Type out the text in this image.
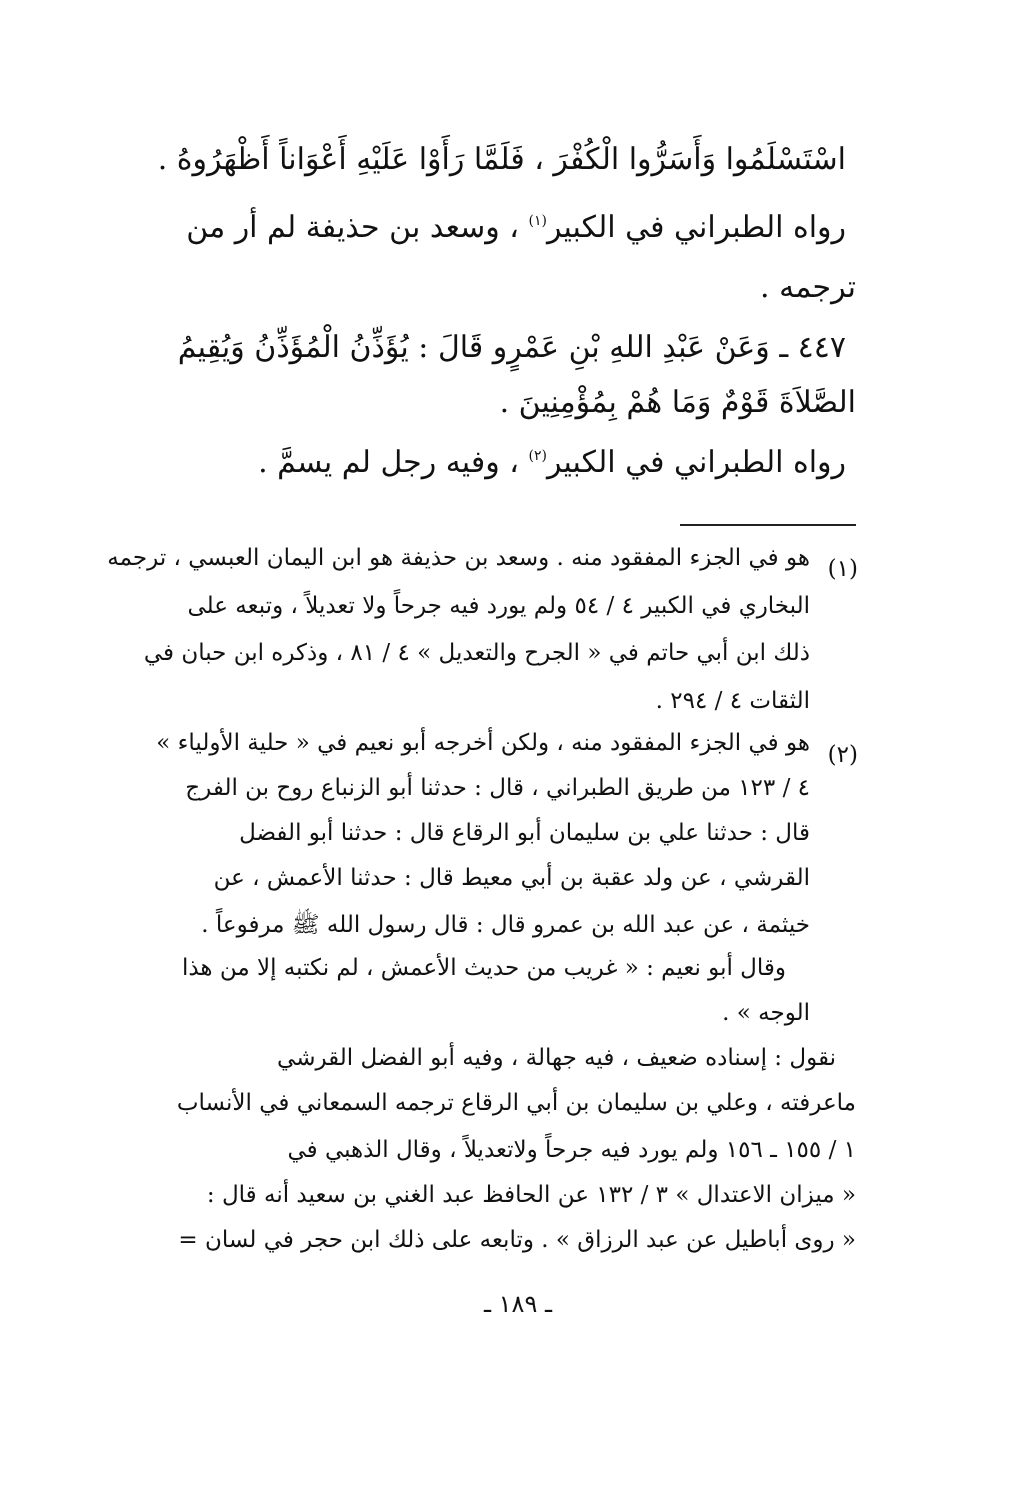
اسْتَسْلَمُوا وَأَسَرُّوا الْكُفْرَ ، فَلَمَّا رَأَوْا عَلَيْهِ أَعْوَاناً أَظْهَرُوهُ .
رواه الطبراني في الكبير$^{(١)}$ ، وسعد بن حذيفة لم أر من
ترجمه .
٤٤٧ ـ وَعَنْ عَبْدِ اللهِ بْنِ عَمْرٍو قَالَ : يُؤَذِّنُ الْمُؤَذِّنُ وَيُقِيمُ
الصَّلاَةَ قَوْمٌ وَمَا هُمْ بِمُؤْمِنِينَ .
رواه الطبراني في الكبير$^{(٢)}$ ، وفيه رجل لم يسمَّ .
(١)
هو في الجزء المفقود منه . وسعد بن حذيفة هو ابن اليمان العبسي ، ترجمه
البخاري في الكبير ٤ / ٥٤ ولم يورد فيه جرحاً ولا تعديلاً ، وتبعه على
ذلك ابن أبي حاتم في « الجرح والتعديل » ٤ / ٨١ ، وذكره ابن حبان في
الثقات ٤ / ٢٩٤ .
(٢)
هو في الجزء المفقود منه ، ولكن أخرجه أبو نعيم في « حلية الأولياء »
٤ / ١٢٣ من طريق الطبراني ، قال : حدثنا أبو الزنباع روح بن الفرج
قال : حدثنا علي بن سليمان أبو الرقاع قال : حدثنا أبو الفضل
القرشي ، عن ولد عقبة بن أبي معيط قال : حدثنا الأعمش ، عن
خيثمة ، عن عبد الله بن عمرو قال : قال رسول الله ﷺ مرفوعاً .
وقال أبو نعيم : « غريب من حديث الأعمش ، لم نكتبه إلا من هذا
الوجه » .
نقول : إسناده ضعيف ، فيه جهالة ، وفيه أبو الفضل القرشي
ماعرفته ، وعلي بن سليمان بن أبي الرقاع ترجمه السمعاني في الأنساب
١ / ١٥٥ ـ ١٥٦ ولم يورد فيه جرحاً ولاتعديلاً ، وقال الذهبي في
« ميزان الاعتدال » ٣ / ١٣٢ عن الحافظ عبد الغني بن سعيد أنه قال :
« روى أباطيل عن عبد الرزاق » . وتابعه على ذلك ابن حجر في لسان =
ـ ١٨٩ ـ
